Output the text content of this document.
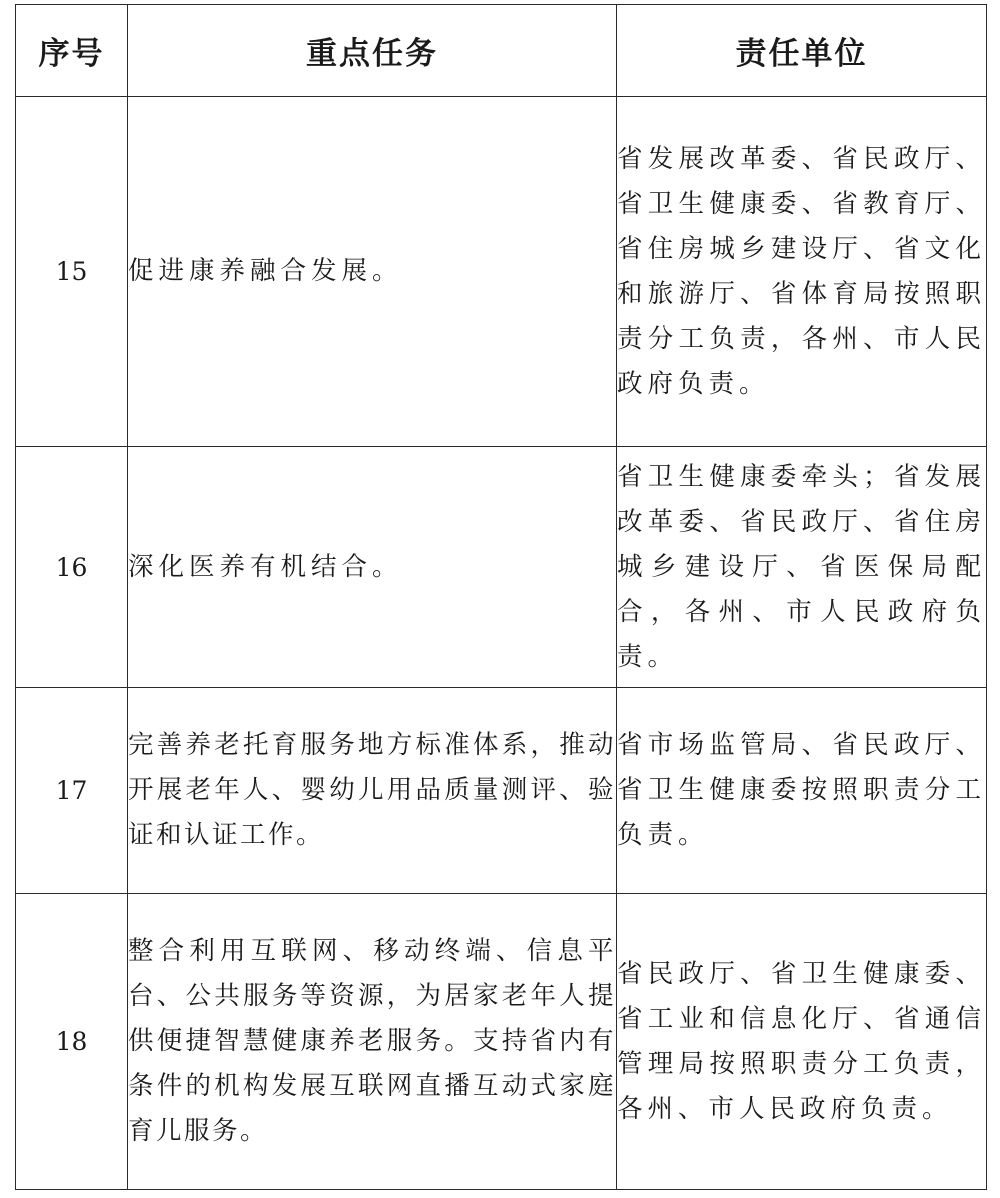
序号	重点任务	责任单位
15	促进康养融合发展。	省发展改革委、省民政厅、省卫生健康委、省教育厅、省住房城乡建设厅、省文化和旅游厅、省体育局按照职责分工负责，各州、市人民政府负责。
16	深化医养有机结合。	省卫生健康委牵头；省发展改革委、省民政厅、省住房城乡建设厅、省医保局配合，各州、市人民政府负责。
17	完善养老托育服务地方标准体系，推动开展老年人、婴幼儿用品质量测评、验证和认证工作。	省市场监管局、省民政厅、省卫生健康委按照职责分工负责。
18	整合利用互联网、移动终端、信息平台、公共服务等资源，为居家老年人提供便捷智慧健康养老服务。支持省内有条件的机构发展互联网直播互动式家庭育儿服务。	省民政厅、省卫生健康委、省工业和信息化厅、省通信管理局按照职责分工负责，各州、市人民政府负责。
